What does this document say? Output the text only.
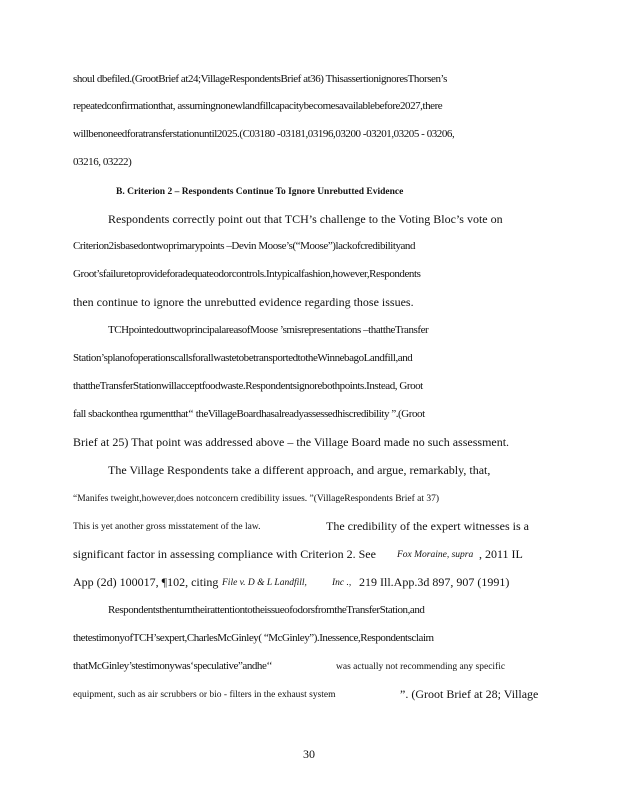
shoul dbefiled.(GrootBrief at24;VillageRespondentsBrief at36) ThisassertionignoresThorsen’s

repeatedconfirmationthat, assumingnonewlandfillcapacitybecomesavailablebefore2027,there

willbenoneedforatransferstationuntil2025.(C03180 -03181,03196,03200 -03201,03205 - 03206,

03216, 03222)

B. Criterion 2 – Respondents Continue To Ignore Unrebutted Evidence

Respondents correctly point out that TCH’s challenge to the Voting Bloc’s vote on

Criterion2isbasedontwoprimarypoints –Devin Moose’s(“Moose”)lackofcredibilityand

Groot’sfailuretoprovideforadequateodorcontrols.Intypicalfashion,however,Respondents

then continue to ignore the unrebutted evidence regarding those issues.

TCHpointedouttwoprincipalareasofMoose ’smisrepresentations –thattheTransfer

Station’splanofoperationscallsforallwastetobetransportedtotheWinnebagoLandfill,and

thattheTransferStationwillacceptfoodwaste.Respondentsignorebothpoints.Instead, Groot

fall sbackonthea rgumentthat‘‘ theVillageBoardhasalreadyassessedhiscredibility ”.(Groot

Brief at 25) That point was addressed above – the Village Board made no such assessment.

The Village Respondents take a different approach, and argue, remarkably, that,

“Manifes tweight,however,does notconcern credibility issues. ”(VillageRespondents Brief at 37)

This is yet another gross misstatement of the law.	The credibility of the expert witnesses is a

significant factor in assessing compliance with Criterion 2. See Fox Moraine, supra , 2011 IL

App (2d) 100017, ¶102, citing File v. D & L Landfill,	Inc ., 219 Ill.App.3d 897, 907 (1991)

RespondentsthenturntheirattentiontotheissueofodorsfromtheTransferStation,and

thetestimonyofTCH’sexpert,CharlesMcGinley( “McGinley”).Inessence,Respondentsclaim

thatMcGinley’stestimonywas‘speculative”andhe‘‘	was actually not recommending any specific

equipment, such as air scrubbers or bio - filters in the exhaust system	”. (Groot Brief at 28; Village

30
